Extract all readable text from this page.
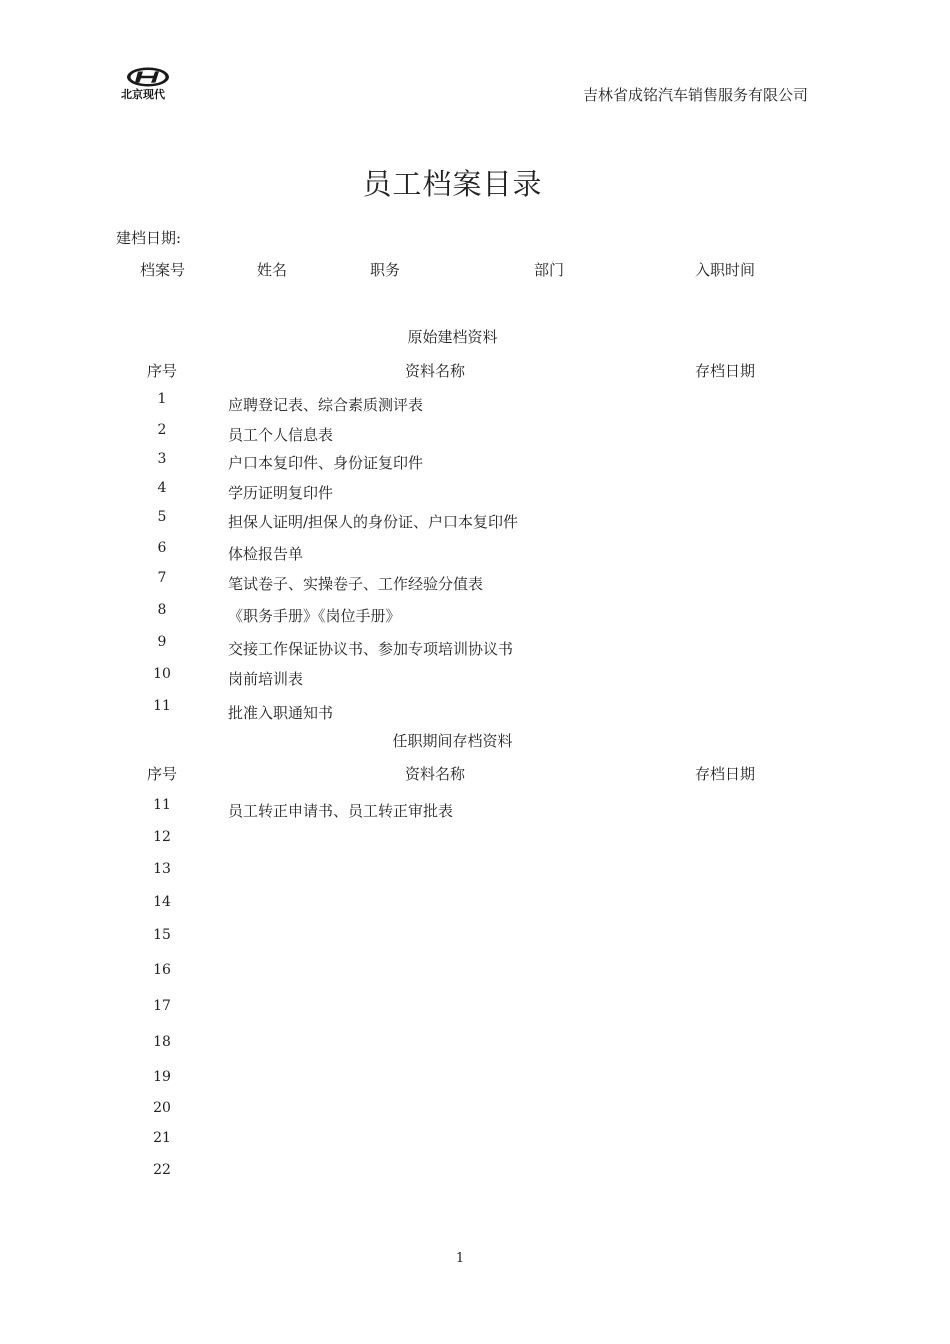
北京现代	吉林省成铭汽车销售服务有限公司
员工档案目录
建档日期:
档案号	姓名	职务	部门	入职时间
原始建档资料
序号	资料名称	存档日期
1	应聘登记表、综合素质测评表
2	员工个人信息表
3	户口本复印件、身份证复印件
4	学历证明复印件
5	担保人证明/担保人的身份证、户口本复印件
6	体检报告单
7	笔试卷子、实操卷子、工作经验分值表
8	《职务手册》《岗位手册》
9	交接工作保证协议书、参加专项培训协议书
10	岗前培训表
11	批准入职通知书
任职期间存档资料
序号	资料名称	存档日期
11	员工转正申请书、员工转正审批表
12
13
14
15
16
17
18
19
20
21
22
1
